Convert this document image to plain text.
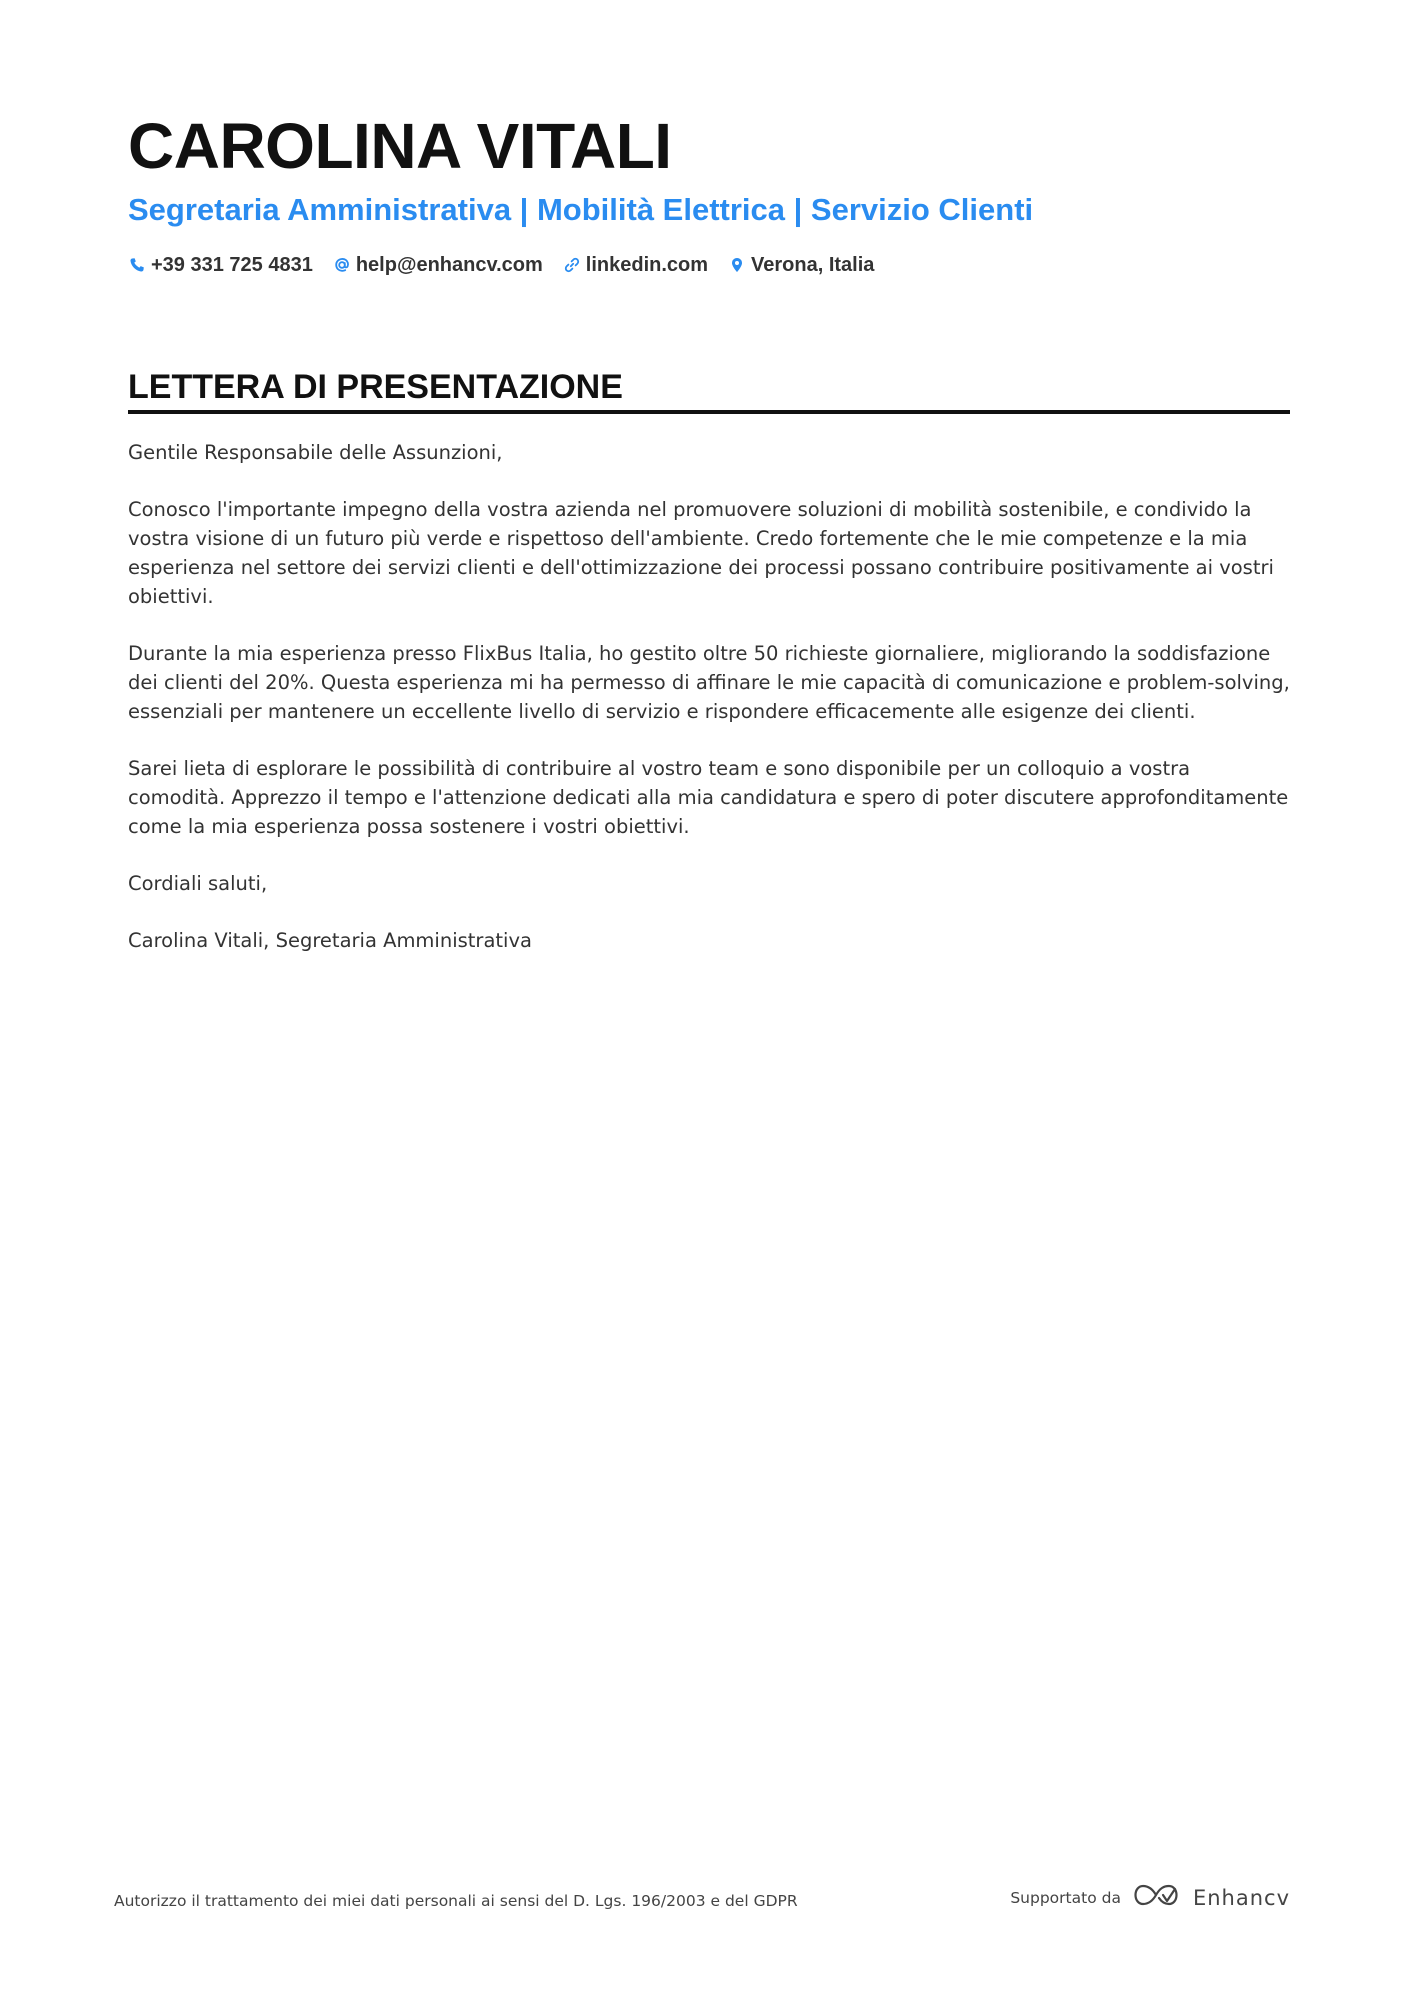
CAROLINA VITALI
Segretaria Amministrativa | Mobilità Elettrica | Servizio Clienti
+39 331 725 4831 help@enhancv.com linkedin.com Verona, Italia
LETTERA DI PRESENTAZIONE

Gentile Responsabile delle Assunzioni,

Conosco l'importante impegno della vostra azienda nel promuovere soluzioni di mobilità sostenibile, e condivido la vostra visione di un futuro più verde e rispettoso dell'ambiente. Credo fortemente che le mie competenze e la mia esperienza nel settore dei servizi clienti e dell'ottimizzazione dei processi possano contribuire positivamente ai vostri obiettivi.

Durante la mia esperienza presso FlixBus Italia, ho gestito oltre 50 richieste giornaliere, migliorando la soddisfazione dei clienti del 20%. Questa esperienza mi ha permesso di affinare le mie capacità di comunicazione e problem-solving, essenziali per mantenere un eccellente livello di servizio e rispondere efficacemente alle esigenze dei clienti.

Sarei lieta di esplorare le possibilità di contribuire al vostro team e sono disponibile per un colloquio a vostra comodità. Apprezzo il tempo e l'attenzione dedicati alla mia candidatura e spero di poter discutere approfonditamente come la mia esperienza possa sostenere i vostri obiettivi.

Cordiali saluti,

Carolina Vitali, Segretaria Amministrativa

Autorizzo il trattamento dei miei dati personali ai sensi del D. Lgs. 196/2003 e del GDPR	Supportato da	Enhancv
